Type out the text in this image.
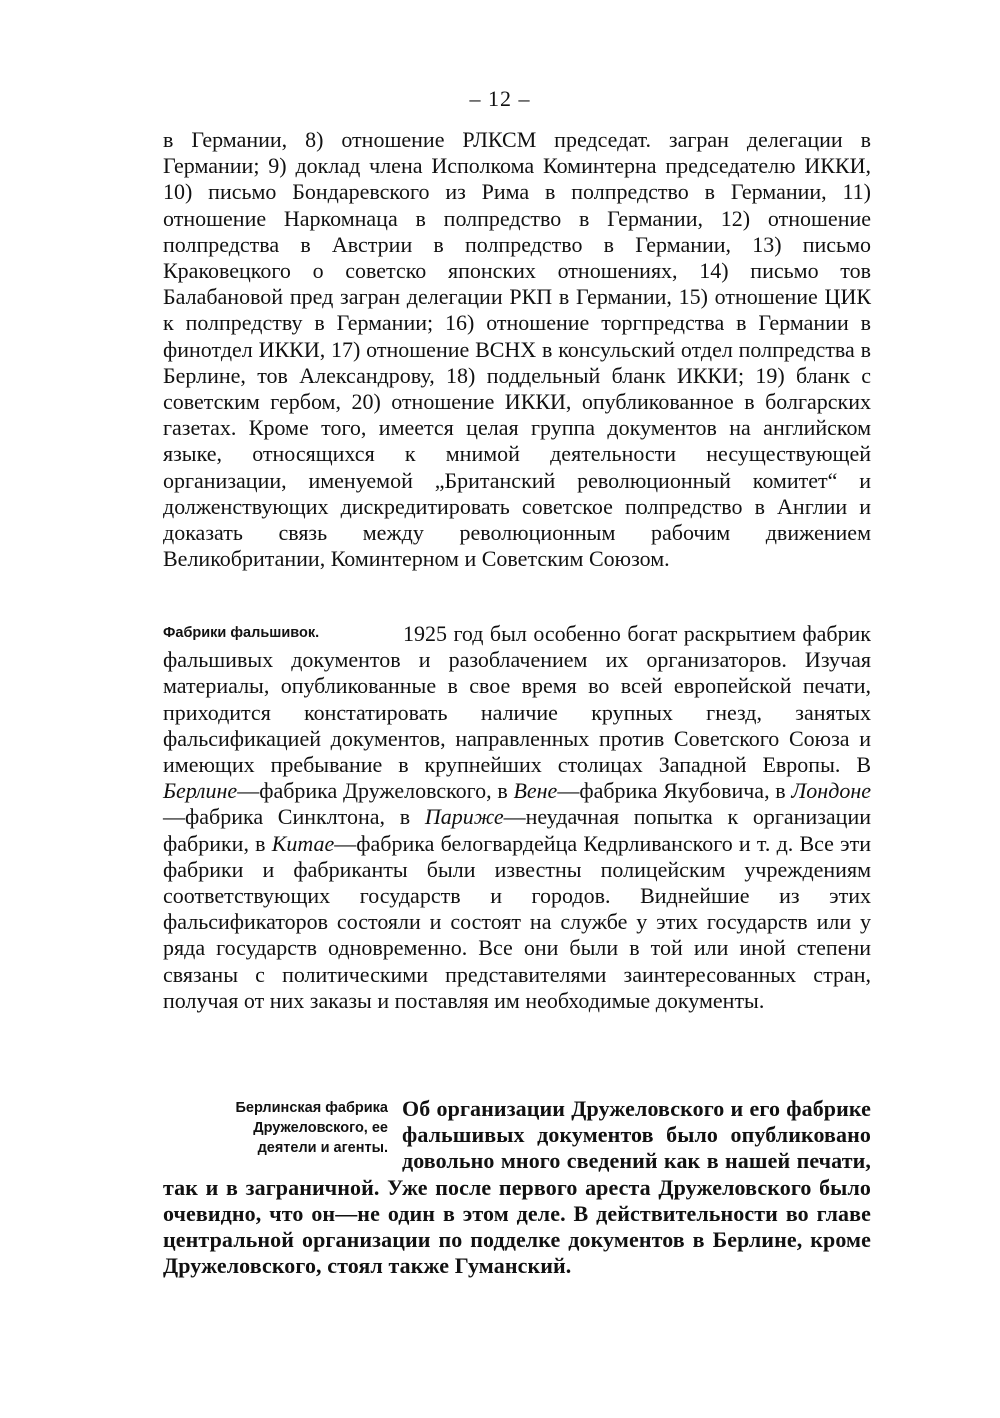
– 12 –

в Германии, 8) отношение РЛКСМ председат. загран делегации в Германии; 9) доклад члена Исполкома Коминтерна председателю ИККИ, 10) письмо Бондаревского из Рима в полпредство в Германии, 11) отношение Наркомнаца в полпредство в Германии, 12) отношение полпредства в Австрии в полпредство в Германии, 13) письмо Краковецкого о советско японских отношениях, 14) письмо тов Балабановой пред загран делегации РКП в Германии, 15) отношение ЦИК к полпредству в Германии; 16) отношение торгпредства в Германии в финотдел ИККИ, 17) отношение ВСНХ в консульский отдел полпредства в Берлине, тов Александрову, 18) поддельный бланк ИККИ; 19) бланк с советским гербом, 20) отношение ИККИ, опубликованное в болгарских газетах. Кроме того, имеется целая группа документов на английском языке, относящихся к мнимой деятельности несуществующей организации, именуемой „Британский революционный комитет“ и долженствующих дискредитировать советское полпредство в Англии и доказать связь между революционным рабочим движением Великобритании, Коминтерном и Советским Союзом.

Фабрики фальшивок.	1925 год был особенно богат раскрытием фабрик фальшивых документов и разоблачением их организаторов. Изучая материалы, опубликованные в свое время во всей европейской печати, приходится констатировать наличие крупных гнезд, занятых фальсификацией документов, направленных против Советского Союза и имеющих пребывание в крупнейших столицах Западной Европы. В Берлине—фабрика Дружеловского, в Вене—фабрика Якубовича, в Лондоне—фабрика Синклтона, в Париже—неудачная попытка к организации фабрики, в Китае—фабрика белогвардейца Кедрливанского и т. д. Все эти фабрики и фабриканты были известны полицейским учреждениям соответствующих государств и городов. Виднейшие из этих фальсификаторов состояли и состоят на службе у этих государств или у ряда государств одновременно. Все они были в той или иной степени связаны с политическими представителями заинтересованных стран, получая от них заказы и поставляя им необходимые документы.
Берлинская фабрика
Дружеловского, ее
деятели и агенты.
Об организации Дружеловского и его фабрике фальшивых документов было опубликовано довольно много сведений как в нашей печати, так и в заграничной. Уже после первого ареста Дружеловского было очевидно, что он—не один в этом деле. В действительности во главе центральной организации по подделке документов в Берлине, кроме Дружеловского, стоял также Гуманский.
